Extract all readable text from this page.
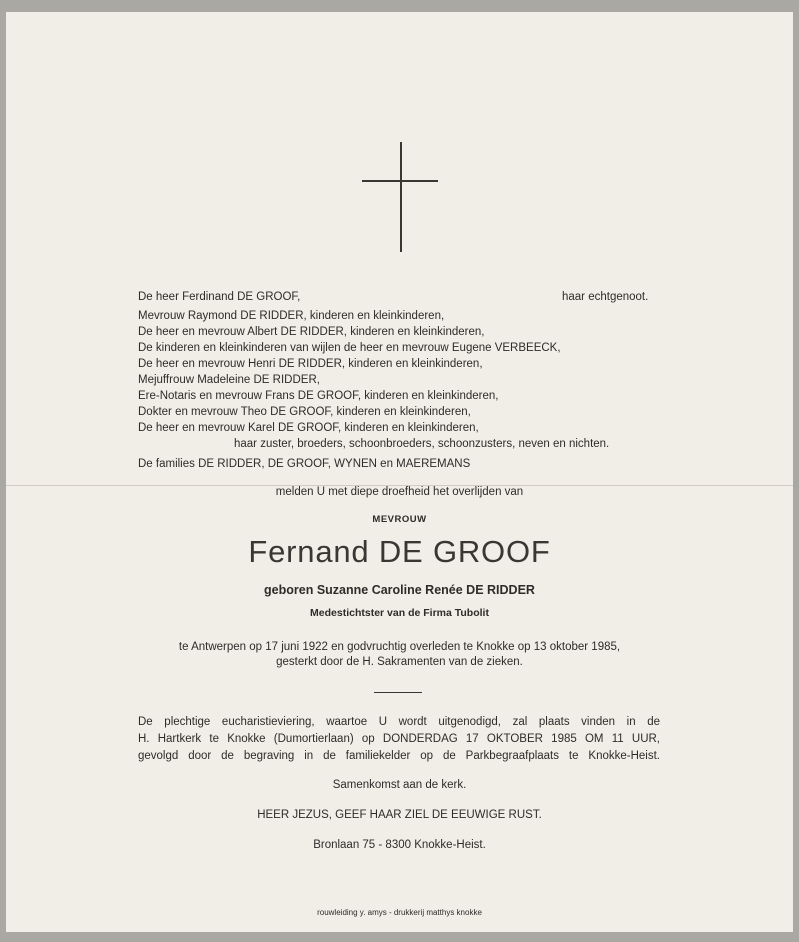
De heer Ferdinand DE GROOF,	haar echtgenoot.

Mevrouw Raymond DE RIDDER, kinderen en kleinkinderen,

De heer en mevrouw Albert DE RIDDER, kinderen en kleinkinderen,

De kinderen en kleinkinderen van wijlen de heer en mevrouw Eugene VERBEECK,

De heer en mevrouw Henri DE RIDDER, kinderen en kleinkinderen,

Mejuffrouw Madeleine DE RIDDER,

Ere-Notaris en mevrouw Frans DE GROOF, kinderen en kleinkinderen,

Dokter en mevrouw Theo DE GROOF, kinderen en kleinkinderen,

De heer en mevrouw Karel DE GROOF, kinderen en kleinkinderen,

haar zuster, broeders, schoonbroeders, schoonzusters, neven en nichten.

De families DE RIDDER, DE GROOF, WYNEN en MAEREMANS

melden U met diepe droefheid het overlijden van

MEVROUW

Fernand DE GROOF

geboren Suzanne Caroline Renée DE RIDDER

Medestichtster van de Firma Tubolit

te Antwerpen op 17 juni 1922 en godvruchtig overleden te Knokke op 13 oktober 1985,

gesterkt door de H. Sakramenten van de zieken.

De plechtige eucharistieviering, waartoe U wordt uitgenodigd, zal plaats vinden in de

H. Hartkerk te Knokke (Dumortierlaan) op DONDERDAG 17 OKTOBER 1985 OM 11 UUR,

gevolgd door de begraving in de familiekelder op de Parkbegraafplaats te Knokke-Heist.

Samenkomst aan de kerk.

HEER JEZUS, GEEF HAAR ZIEL DE EEUWIGE RUST.

Bronlaan 75 - 8300 Knokke-Heist.

rouwleiding y. amys - drukkerij matthys knokke
